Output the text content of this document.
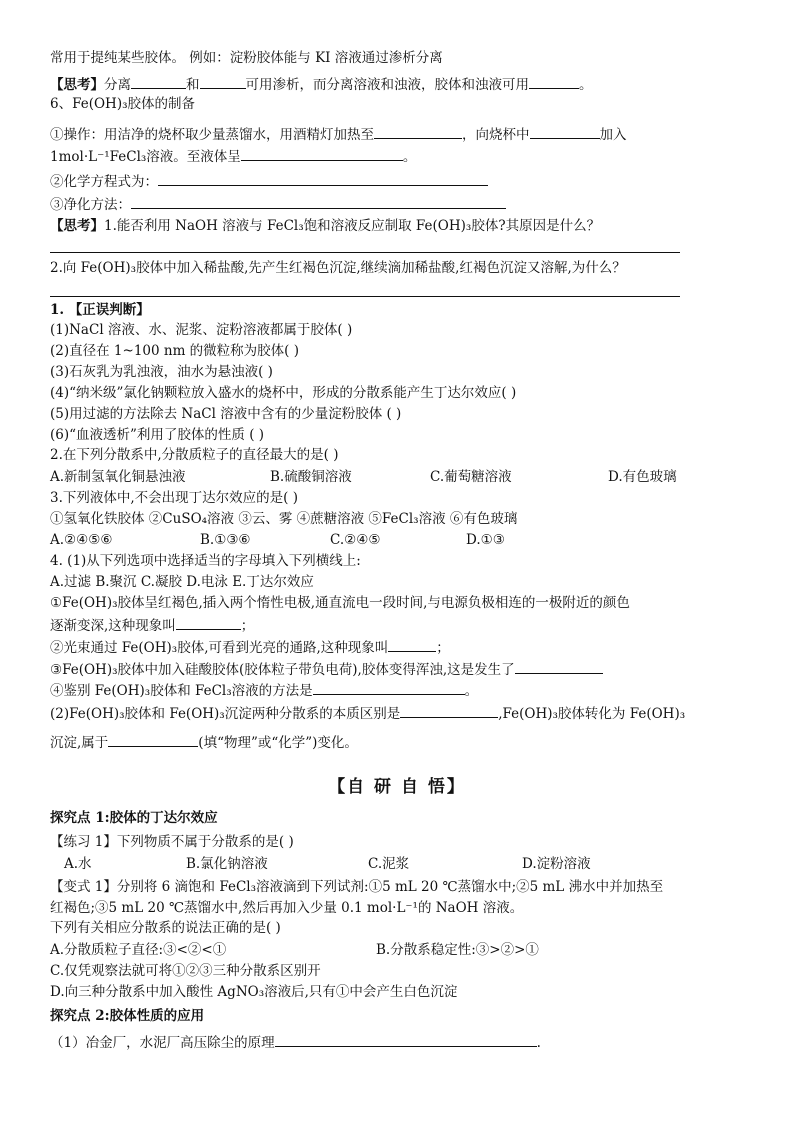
常用于提纯某些胶体。 例如：淀粉胶体能与 KI 溶液通过渗析分离
【思考】分离	和	可用渗析，而分离溶液和浊液，胶体和浊液可用	。
6、Fe(OH)₃胶体的制备
①操作：用洁净的烧杯取少量蒸馏水，用酒精灯加热至	，向烧杯中	加入
1mol·L⁻¹FeCl₃溶液。至液体呈	。
②化学方程式为：
③净化方法：
【思考】1.能否利用 NaOH 溶液与 FeCl₃饱和溶液反应制取 Fe(OH)₃胶体?其原因是什么？
2.向 Fe(OH)₃胶体中加入稀盐酸,先产生红褐色沉淀,继续滴加稀盐酸,红褐色沉淀又溶解,为什么？
1. 【正误判断】
(1)NaCl 溶液、水、泥浆、淀粉溶液都属于胶体( )
(2)直径在 1~100 nm 的微粒称为胶体( )
(3)石灰乳为乳浊液，油水为悬浊液( )
(4)“纳米级”氯化钠颗粒放入盛水的烧杯中，形成的分散系能产生丁达尔效应( )
(5)用过滤的方法除去 NaCl 溶液中含有的少量淀粉胶体 ( )
(6)“血液透析”利用了胶体的性质 ( )
2.在下列分散系中,分散质粒子的直径最大的是( )
A.新制氢氧化铜悬浊液	B.硫酸铜溶液	C.葡萄糖溶液	D.有色玻璃
3.下列液体中,不会出现丁达尔效应的是( )
①氢氧化铁胶体 ②CuSO₄溶液 ③云、雾 ④蔗糖溶液 ⑤FeCl₃溶液 ⑥有色玻璃
A.②④⑤⑥	B.①③⑥	C.②④⑤	D.①③
4. (1)从下列选项中选择适当的字母填入下列横线上:
A.过滤 B.聚沉 C.凝胶 D.电泳 E.丁达尔效应
①Fe(OH)₃胶体呈红褐色,插入两个惰性电极,通直流电一段时间,与电源负极相连的一极附近的颜色
逐渐变深,这种现象叫	；
②光束通过 Fe(OH)₃胶体,可看到光亮的通路,这种现象叫	；
③Fe(OH)₃胶体中加入硅酸胶体(胶体粒子带负电荷),胶体变得浑浊,这是发生了
④鉴别 Fe(OH)₃胶体和 FeCl₃溶液的方法是	。
(2)Fe(OH)₃胶体和 Fe(OH)₃沉淀两种分散系的本质区别是	,Fe(OH)₃胶体转化为 Fe(OH)₃
沉淀,属于	(填“物理”或“化学”)变化。
【自 研 自 悟】
探究点 1:胶体的丁达尔效应
【练习 1】下列物质不属于分散系的是( )
A.水	B.氯化钠溶液	C.泥浆	D.淀粉溶液
【变式 1】分别将 6 滴饱和 FeCl₃溶液滴到下列试剂:①5 mL 20 ℃蒸馏水中;②5 mL 沸水中并加热至
红褐色;③5 mL 20 ℃蒸馏水中,然后再加入少量 0.1 mol·L⁻¹的 NaOH 溶液。
下列有关相应分散系的说法正确的是( )
A.分散质粒子直径:③<②<①	B.分散系稳定性:③>②>①
C.仅凭观察法就可将①②③三种分散系区别开
D.向三种分散系中加入酸性 AgNO₃溶液后,只有①中会产生白色沉淀
探究点 2:胶体性质的应用
（1）冶金厂，水泥厂高压除尘的原理	.
